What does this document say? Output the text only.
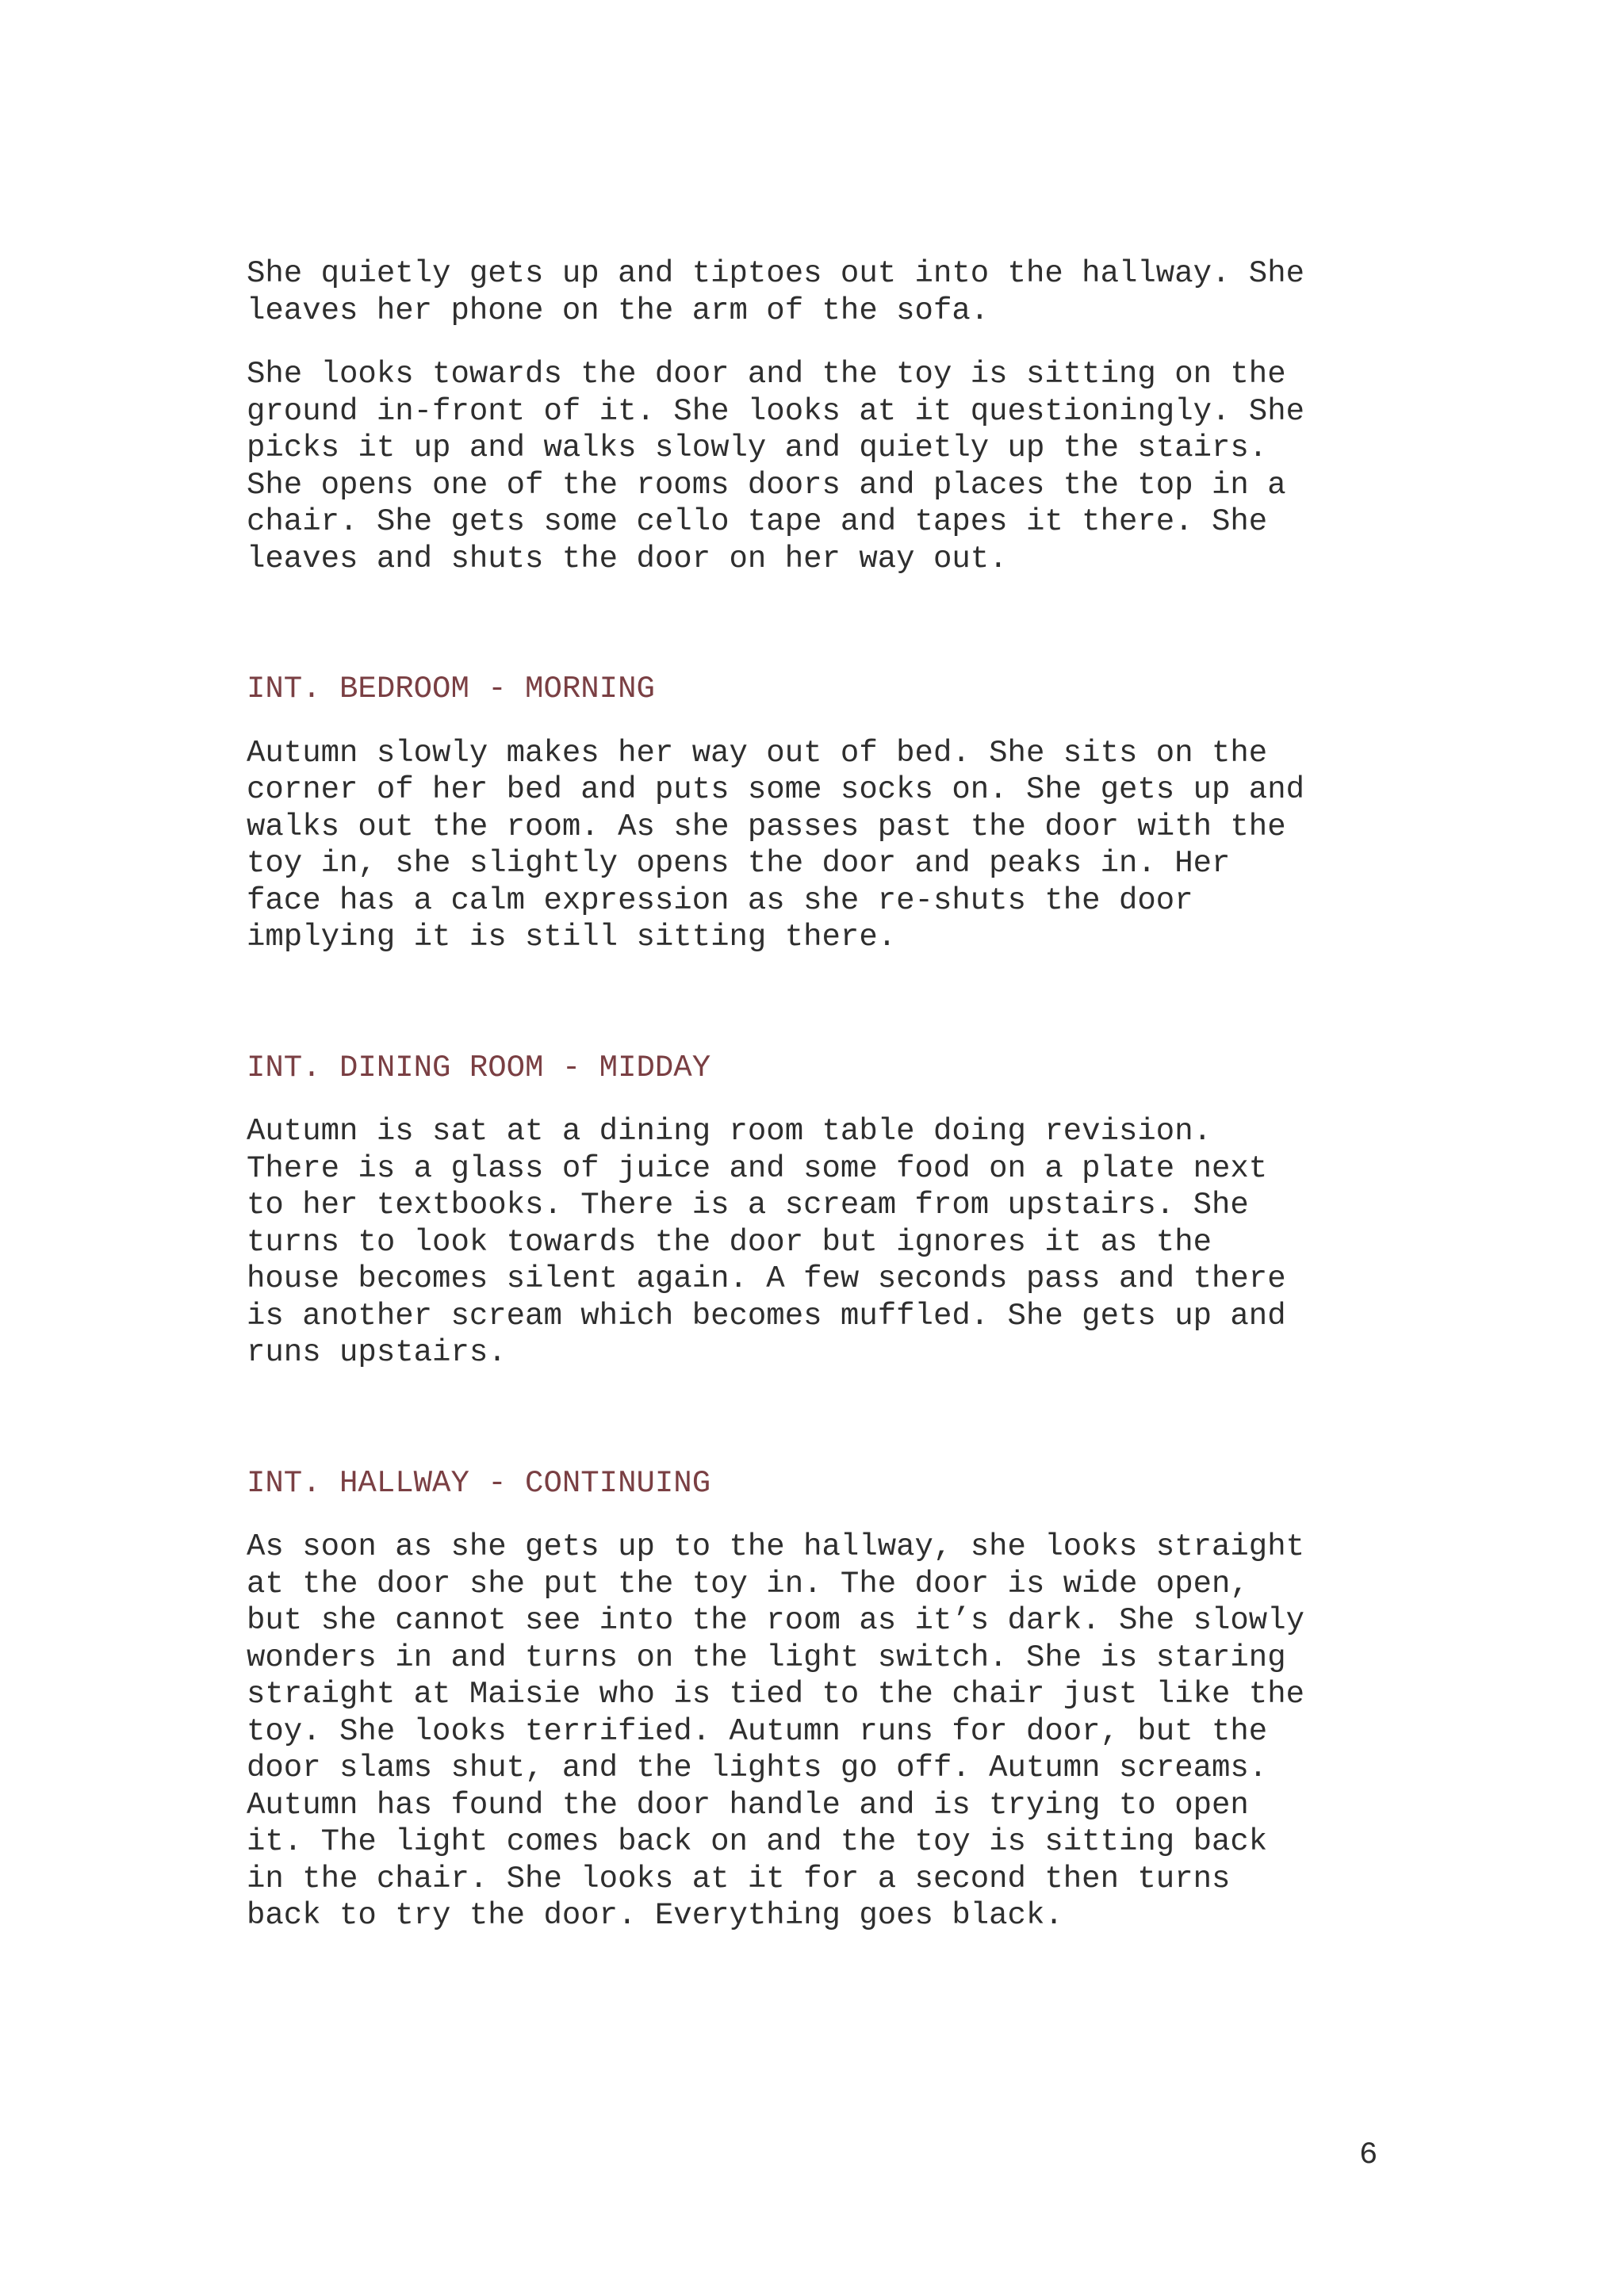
She quietly gets up and tiptoes out into the hallway. She
leaves her phone on the arm of the sofa.
She looks towards the door and the toy is sitting on the
ground in-front of it. She looks at it questioningly. She
picks it up and walks slowly and quietly up the stairs.
She opens one of the rooms doors and places the top in a
chair. She gets some cello tape and tapes it there. She
leaves and shuts the door on her way out.
INT. BEDROOM - MORNING
Autumn slowly makes her way out of bed. She sits on the
corner of her bed and puts some socks on. She gets up and
walks out the room. As she passes past the door with the
toy in, she slightly opens the door and peaks in. Her
face has a calm expression as she re-shuts the door
implying it is still sitting there.
INT. DINING ROOM - MIDDAY
Autumn is sat at a dining room table doing revision.
There is a glass of juice and some food on a plate next
to her textbooks. There is a scream from upstairs. She
turns to look towards the door but ignores it as the
house becomes silent again. A few seconds pass and there
is another scream which becomes muffled. She gets up and
runs upstairs.
INT. HALLWAY - CONTINUING
As soon as she gets up to the hallway, she looks straight
at the door she put the toy in. The door is wide open,
but she cannot see into the room as it’s dark. She slowly
wonders in and turns on the light switch. She is staring
straight at Maisie who is tied to the chair just like the
toy. She looks terrified. Autumn runs for door, but the
door slams shut, and the lights go off. Autumn screams.
Autumn has found the door handle and is trying to open
it. The light comes back on and the toy is sitting back
in the chair. She looks at it for a second then turns
back to try the door. Everything goes black.
6
